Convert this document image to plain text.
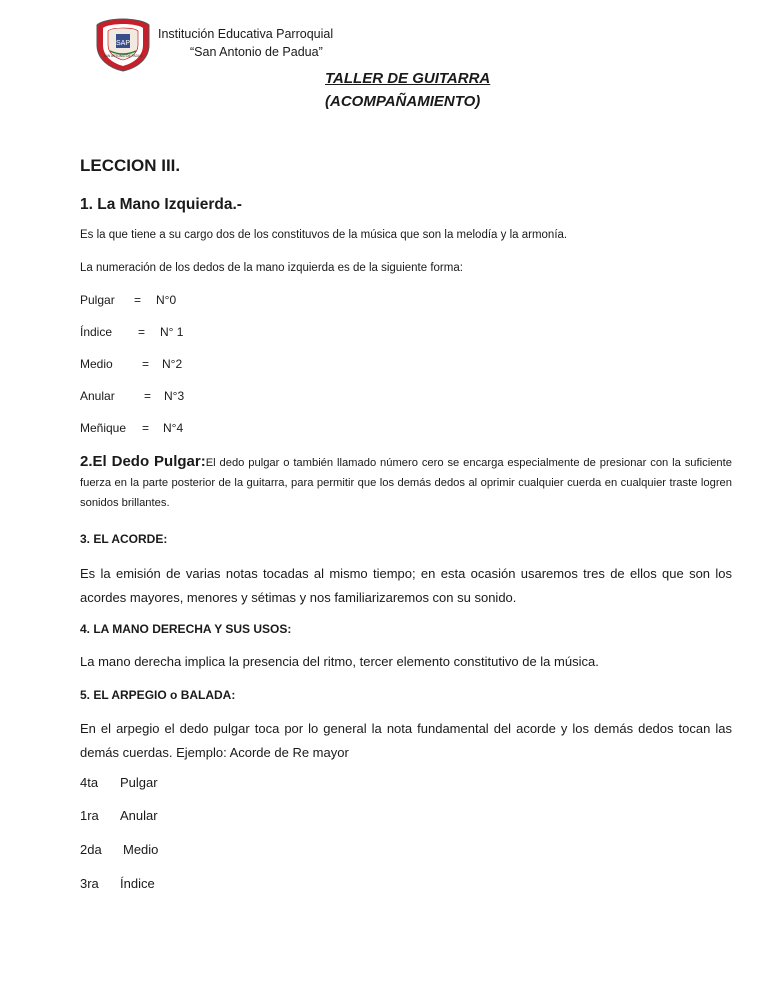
SAP
SAN ANTONIO DE PADUA
Institución Educativa Parroquial
“San Antonio de Padua”
TALLER DE GUITARRA
(ACOMPAÑAMIENTO)
LECCION III.
1. La Mano Izquierda.-
Es la que tiene a su cargo dos de los constituvos de la música que son la melodía y la armonía.
La numeración de los dedos de la mano izquierda es de la siguiente forma:
Pulgar	=	N°0
Índice	=	N° 1
Medio	=	N°2
Anular	=	N°3
Meñique	=	N°4
2.El Dedo Pulgar:El dedo pulgar o también llamado número cero se encarga especialmente de presionar con la suficiente fuerza en la parte posterior de la guitarra, para permitir que los demás dedos al oprimir cualquier cuerda en cualquier traste logren sonidos brillantes.
3. EL ACORDE:
Es la emisión de varias notas tocadas al mismo tiempo; en esta ocasión usaremos tres de ellos que son los acordes mayores, menores y sétimas y nos familiarizaremos con su sonido.
4. LA MANO DERECHA Y SUS USOS:
La mano derecha implica la presencia del ritmo, tercer elemento constitutivo de la música.
5. EL ARPEGIO o BALADA:
En el arpegio el dedo pulgar toca por lo general la nota fundamental del acorde y los demás dedos tocan las demás cuerdas. Ejemplo: Acorde de Re mayor
4ta	Pulgar
1ra	Anular
2da	Medio
3ra	Índice
